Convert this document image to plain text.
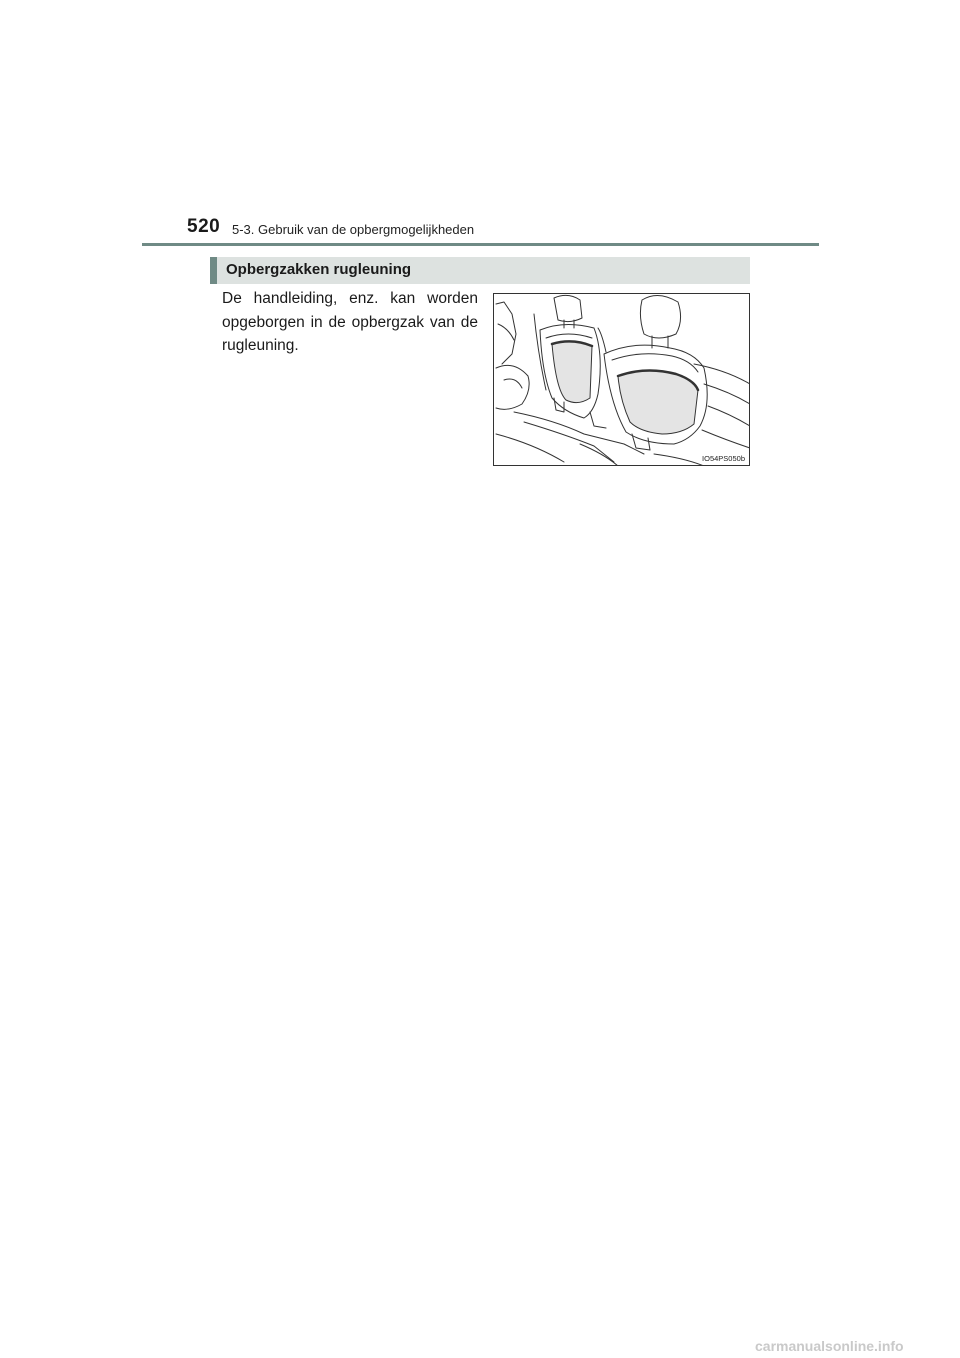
520 5-3. Gebruik van de opbergmogelijkheden
Opbergzakken rugleuning
De handleiding, enz. kan worden opgeborgen in de opbergzak van de rugleuning.
IO54PS050b
carmanualsonline.info
